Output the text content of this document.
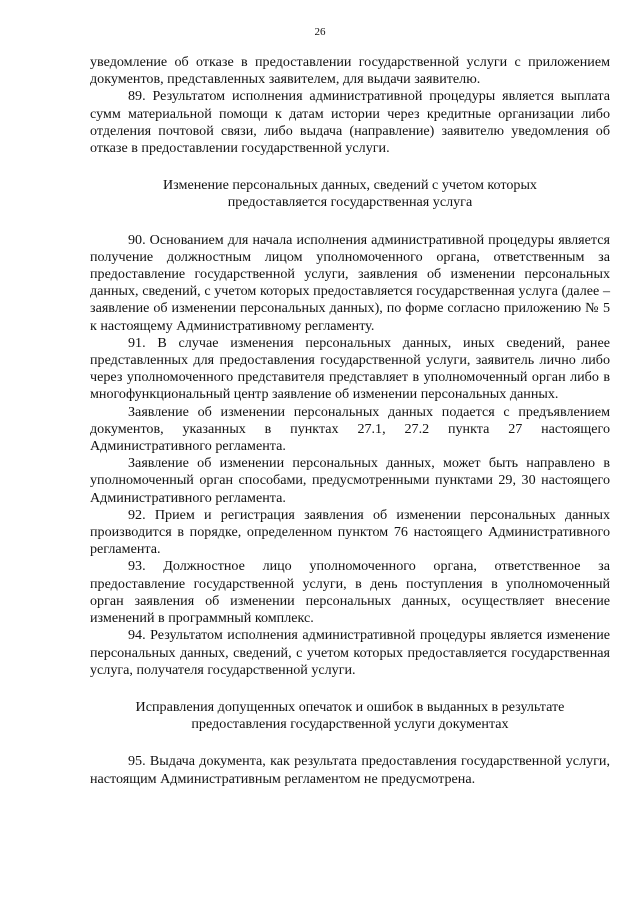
26

уведомление об отказе в предоставлении государственной услуги с приложением документов, представленных заявителем, для выдачи заявителю.

89. Результатом исполнения административной процедуры является выплата сумм материальной помощи к датам истории через кредитные организации либо отделения почтовой связи, либо выдача (направление) заявителю уведомления об отказе в предоставлении государственной услуги.

Изменение персональных данных, сведений с учетом которых предоставляется государственная услуга

90. Основанием для начала исполнения административной процедуры является получение должностным лицом уполномоченного органа, ответственным за предоставление государственной услуги, заявления об изменении персональных данных, сведений, с учетом которых предоставляется государственная услуга (далее – заявление об изменении персональных данных), по форме согласно приложению № 5 к настоящему Административному регламенту.

91. В случае изменения персональных данных, иных сведений, ранее представленных для предоставления государственной услуги, заявитель лично либо через уполномоченного представителя представляет в уполномоченный орган либо в многофункциональный центр заявление об изменении персональных данных.

Заявление об изменении персональных данных подается с предъявлением документов, указанных в пунктах 27.1, 27.2 пункта 27 настоящего Административного регламента.

Заявление об изменении персональных данных, может быть направлено в уполномоченный орган способами, предусмотренными пунктами 29, 30 настоящего Административного регламента.

92. Прием и регистрация заявления об изменении персональных данных производится в порядке, определенном пунктом 76 настоящего Административного регламента.

93. Должностное лицо уполномоченного органа, ответственное за предоставление государственной услуги, в день поступления в уполномоченный орган заявления об изменении персональных данных, осуществляет внесение изменений в программный комплекс.

94. Результатом исполнения административной процедуры является изменение персональных данных, сведений, с учетом которых предоставляется государственная услуга, получателя государственной услуги.

Исправления допущенных опечаток и ошибок в выданных в результате предоставления государственной услуги документах

95. Выдача документа, как результата предоставления государственной услуги, настоящим Административным регламентом не предусмотрена.
